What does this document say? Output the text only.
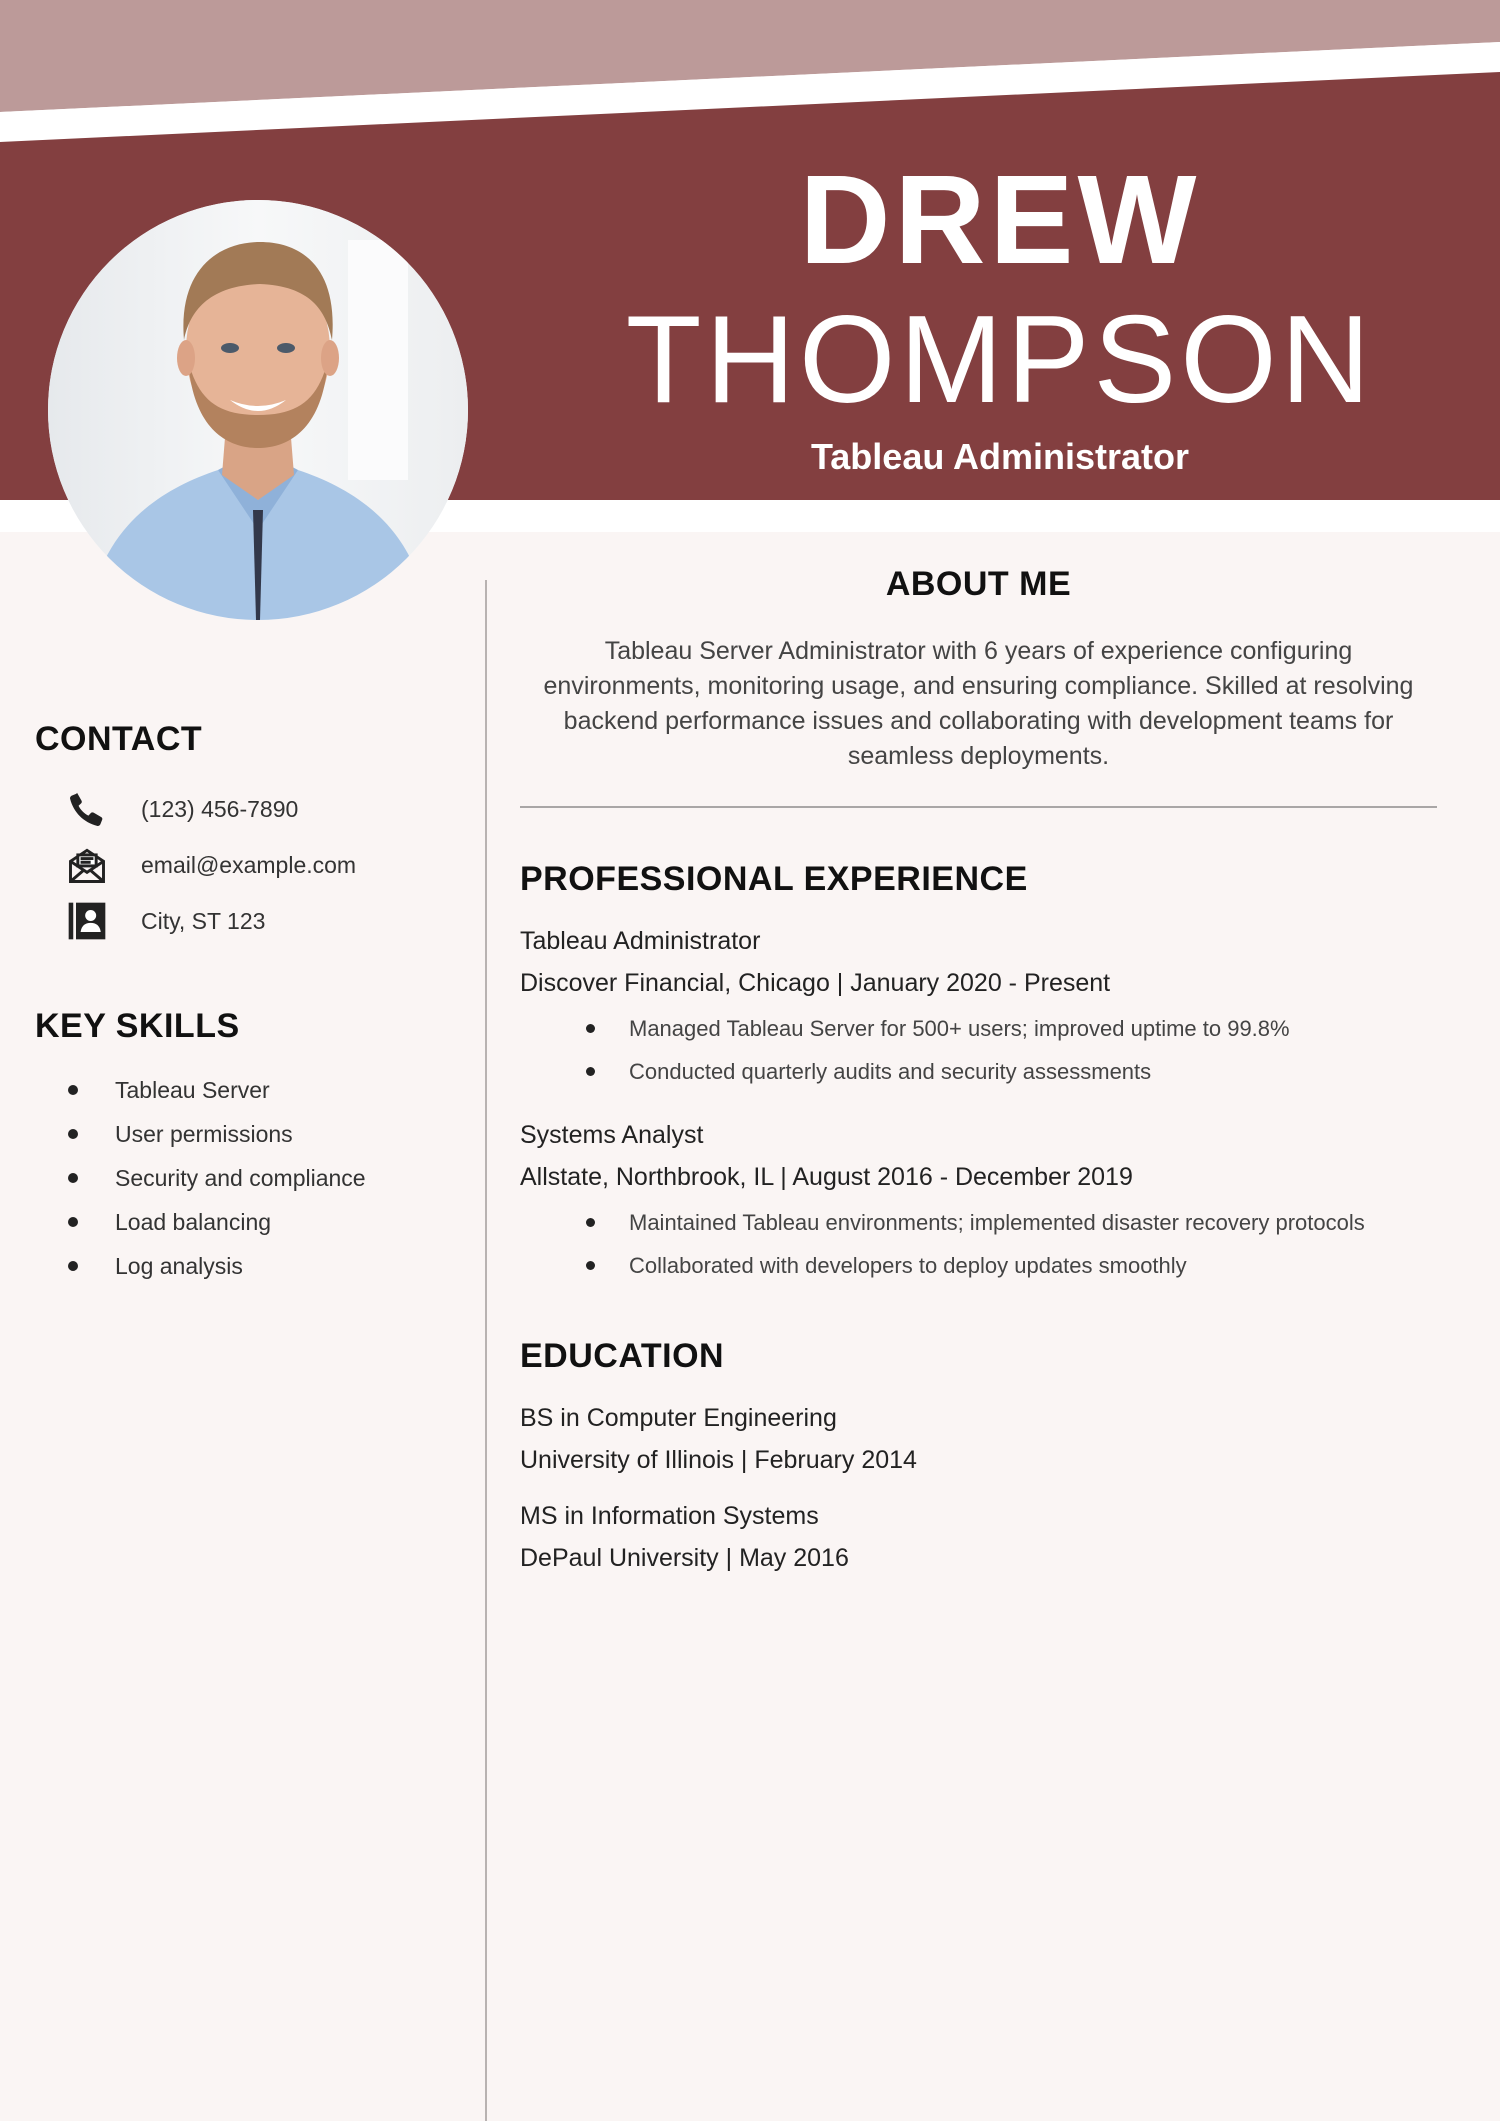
DREW
THOMPSON
Tableau Administrator
CONTACT
(123) 456-7890
email@example.com
City, ST 123
KEY SKILLS
Tableau Server
User permissions
Security and compliance
Load balancing
Log analysis
ABOUT ME

Tableau Server Administrator with 6 years of experience configuring environments, monitoring usage, and ensuring compliance. Skilled at resolving backend performance issues and collaborating with development teams for seamless deployments.

PROFESSIONAL EXPERIENCE

Tableau Administrator

Discover Financial, Chicago | January 2020 - Present

Managed Tableau Server for 500+ users; improved uptime to 99.8%
Conducted quarterly audits and security assessments

Systems Analyst

Allstate, Northbrook, IL | August 2016 - December 2019

Maintained Tableau environments; implemented disaster recovery protocols
Collaborated with developers to deploy updates smoothly
EDUCATION

BS in Computer Engineering

University of Illinois | February 2014

MS in Information Systems

DePaul University | May 2016
